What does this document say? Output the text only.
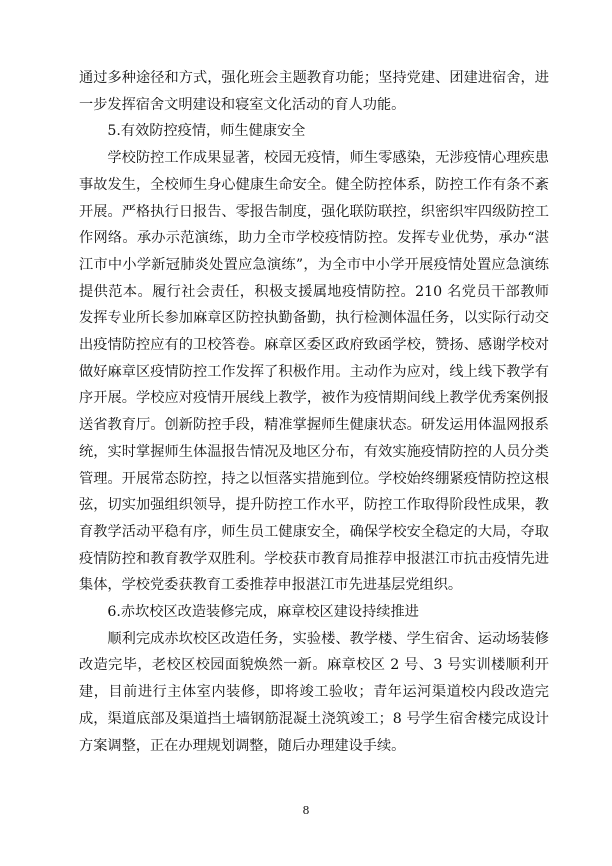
通过多种途径和方式，强化班会主题教育功能；坚持党建、团建进宿舍，进一步发挥宿舍文明建设和寝室文化活动的育人功能。

5.有效防控疫情，师生健康安全

学校防控工作成果显著，校园无疫情，师生零感染，无涉疫情心理疾患事故发生，全校师生身心健康生命安全。健全防控体系，防控工作有条不紊开展。严格执行日报告、零报告制度，强化联防联控，织密织牢四级防控工作网络。承办示范演练，助力全市学校疫情防控。发挥专业优势，承办“湛江市中小学新冠肺炎处置应急演练”，为全市中小学开展疫情处置应急演练提供范本。履行社会责任，积极支援属地疫情防控。210 名党员干部教师发挥专业所长参加麻章区防控执勤备勤，执行检测体温任务，以实际行动交出疫情防控应有的卫校答卷。麻章区委区政府致函学校，赞扬、感谢学校对做好麻章区疫情防控工作发挥了积极作用。主动作为应对，线上线下教学有序开展。学校应对疫情开展线上教学，被作为疫情期间线上教学优秀案例报送省教育厅。创新防控手段，精准掌握师生健康状态。研发运用体温网报系统，实时掌握师生体温报告情况及地区分布，有效实施疫情防控的人员分类管理。开展常态防控，持之以恒落实措施到位。学校始终绷紧疫情防控这根弦，切实加强组织领导，提升防控工作水平，防控工作取得阶段性成果，教育教学活动平稳有序，师生员工健康安全，确保学校安全稳定的大局，夺取疫情防控和教育教学双胜利。学校获市教育局推荐申报湛江市抗击疫情先进集体，学校党委获教育工委推荐申报湛江市先进基层党组织。

6.赤坎校区改造装修完成，麻章校区建设持续推进

顺利完成赤坎校区改造任务，实验楼、教学楼、学生宿舍、运动场装修改造完毕，老校区校园面貌焕然一新。麻章校区 2 号、3 号实训楼顺利开建，目前进行主体室内装修，即将竣工验收；青年运河渠道校内段改造完成，渠道底部及渠道挡土墙钢筋混凝土浇筑竣工；8 号学生宿舍楼完成设计方案调整，正在办理规划调整，随后办理建设手续。

8
